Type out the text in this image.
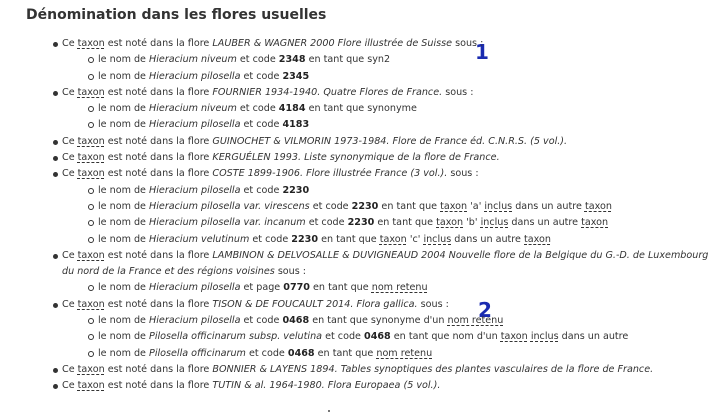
Dénomination dans les flores usuelles
1
2
Ce taxon est noté dans la flore LAUBER & WAGNER 2000 Flore illustrée de Suisse sous :
le nom de Hieracium niveum et code 2348 en tant que syn2
le nom de Hieracium pilosella et code 2345
Ce taxon est noté dans la flore FOURNIER 1934-1940. Quatre Flores de France. sous :
le nom de Hieracium niveum et code 4184 en tant que synonyme
le nom de Hieracium pilosella et code 4183
Ce taxon est noté dans la flore GUINOCHET & VILMORIN 1973-1984. Flore de France éd. C.N.R.S. (5 vol.).
Ce taxon est noté dans la flore KERGUÉLEN 1993. Liste synonymique de la flore de France.
Ce taxon est noté dans la flore COSTE 1899-1906. Flore illustrée France (3 vol.). sous :
le nom de Hieracium pilosella et code 2230
le nom de Hieracium pilosella var. virescens et code 2230 en tant que taxon 'a' inclus dans un autre taxon
le nom de Hieracium pilosella var. incanum et code 2230 en tant que taxon 'b' inclus dans un autre taxon
le nom de Hieracium velutinum et code 2230 en tant que taxon 'c' inclus dans un autre taxon
Ce taxon est noté dans la flore LAMBINON & DELVOSALLE & DUVIGNEAUD 2004 Nouvelle flore de la Belgique du G.-D. de Luxembourg du nord de la France et des régions voisines sous :
le nom de Hieracium pilosella et page 0770 en tant que nom retenu
Ce taxon est noté dans la flore TISON & DE FOUCAULT 2014. Flora gallica. sous :
le nom de Hieracium pilosella et code 0468 en tant que synonyme d'un nom retenu
le nom de Pilosella officinarum subsp. velutina et code 0468 en tant que nom d'un taxon inclus dans un autre
le nom de Pilosella officinarum et code 0468 en tant que nom retenu
Ce taxon est noté dans la flore BONNIER & LAYENS 1894. Tables synoptiques des plantes vasculaires de la flore de France.
Ce taxon est noté dans la flore TUTIN & al. 1964-1980. Flora Europaea (5 vol.).
